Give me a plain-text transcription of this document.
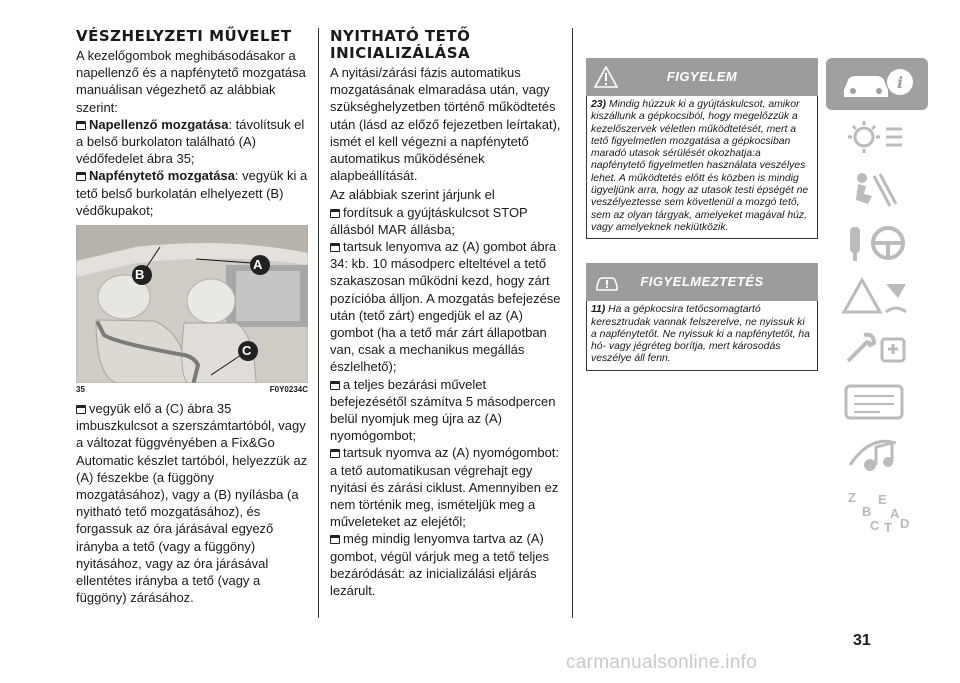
VÉSZHELYZETI MŰVELET

A kezelőgombok meghibásodásakor a napellenző és a napfénytető mozgatása manuálisan végezhető az alábbiak szerint:

Napellenző mozgatása: távolítsuk el a belső burkolaton található (A) védőfedelet ábra 35;

Napfénytető mozgatása: vegyük ki a tető belső burkolatán elhelyezett (B) védőkupakot;

B
A
C
35	F0Y0234C

vegyük elő a (C) ábra 35 imbuszkulcsot a szerszámtartóból, vagy a változat függvényében a Fix&Go Automatic készlet tartóból, helyezzük az (A) fészekbe (a függöny mozgatásához), vagy a (B) nyílásba (a nyitható tető mozgatásához), és forgassuk az óra járásával egyező irányba a tető (vagy a függöny) nyitásához, vagy az óra járásával ellentétes irányba a tető (vagy a függöny) zárásához.

NYITHATÓ TETŐ INICIALIZÁLÁSA

A nyitási/zárási fázis automatikus mozgatásának elmaradása után, vagy szükséghelyzetben történő működtetés után (lásd az előző fejezetben leírtakat), ismét el kell végezni a napfénytető automatikus működésének alapbeállítását.

Az alábbiak szerint járjunk el

fordítsuk a gyújtáskulcsot STOP állásból MAR állásba;

tartsuk lenyomva az (A) gombot ábra 34: kb. 10 másodperc elteltével a tető szakaszosan működni kezd, hogy zárt pozícióba álljon. A mozgatás befejezése után (tető zárt) engedjük el az (A) gombot (ha a tető már zárt állapotban van, csak a mechanikus megállás észlelhető);

a teljes bezárási művelet befejezésétől számítva 5 másodpercen belül nyomjuk meg újra az (A) nyomógombot;

tartsuk nyomva az (A) nyomógombot: a tető automatikusan végrehajt egy nyitási és zárási ciklust. Amennyiben ez nem történik meg, ismételjük meg a műveleteket az elejétől;

még mindig lenyomva tartva az (A) gombot, végül várjuk meg a tető teljes bezáródását: az inicializálási eljárás lezárult.

FIGYELEM

23) Mindig húzzuk ki a gyújtáskulcsot, amikor kiszállunk a gépkocsiból, hogy megelőzzük a kezelőszervek véletlen működtetését, mert a tető figyelmetlen mozgatása a gépkocsiban maradó utasok sérülését okozhatja:a napfénytető figyelmetlen használata veszélyes lehet. A működtetés előtt és közben is mindig ügyeljünk arra, hogy az utasok testi épségét ne veszélyeztesse sem követlenül a mozgó tető, sem az olyan tárgyak, amelyeket magával húz, vagy amelyeknek nekiütközik.

FIGYELMEZTETÉS

11) Ha a gépkocsira tetőcsomagtartó keresztrudak vannak felszerelve, ne nyissuk ki a napfénytetőt. Ne nyissuk ki a napfénytetőt, ha hó- vagy jégréteg borítja, mert károsodás veszélye áll fenn.

i
Z
B
E
A
C T D
31
carmanualsonline.info
